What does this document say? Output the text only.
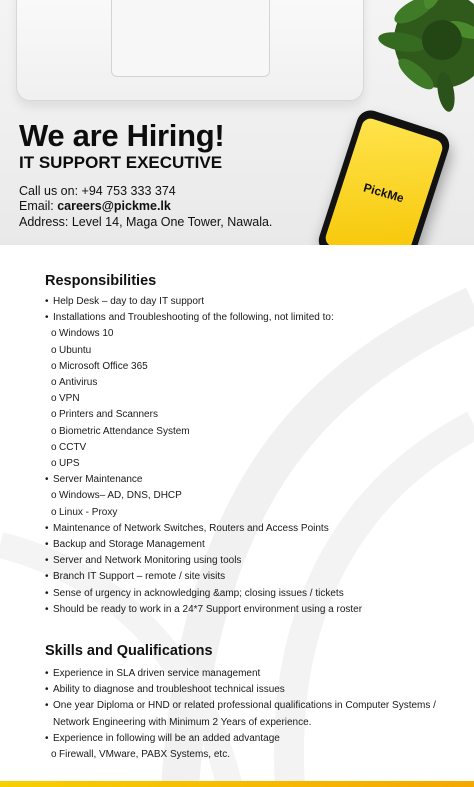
PickMe
We are Hiring!
IT SUPPORT EXECUTIVE

Call us on: +94 753 333 374

Email: careers@pickme.lk

Address: Level 14, Maga One Tower, Nawala.

Responsibilities
• Help Desk – day to day IT support
• Installations and Troubleshooting of the following, not limited to:
o Windows 10
o Ubuntu
o Microsoft Office 365
o Antivirus
o VPN
o Printers and Scanners
o Biometric Attendance System
o CCTV
o UPS
• Server Maintenance
o Windows– AD, DNS, DHCP
o Linux - Proxy
• Maintenance of Network Switches, Routers and Access Points
• Backup and Storage Management
• Server and Network Monitoring using tools
• Branch IT Support – remote / site visits
• Sense of urgency in acknowledging &amp; closing issues / tickets
• Should be ready to work in a 24*7 Support environment using a roster
Skills and Qualifications
• Experience in SLA driven service management
• Ability to diagnose and troubleshoot technical issues
• One year Diploma or HND or related professional qualifications in Computer Systems /
Network Engineering with Minimum 2 Years of experience.
• Experience in following will be an added advantage
o Firewall, VMware, PABX Systems, etc.
